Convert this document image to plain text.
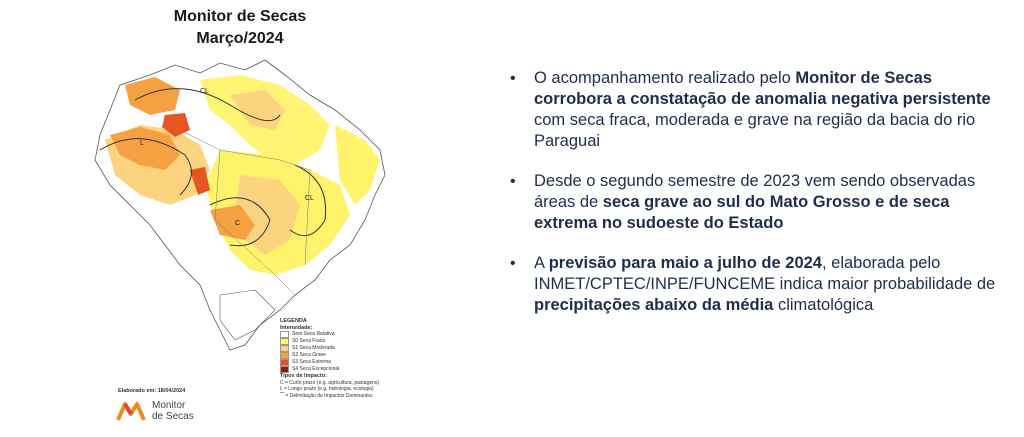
Monitor de Secas
Março/2024
L
CL
CL
C
LEGENDA
Intensidade:
Sem Seca Relativa
S0 Seca Fraca
S1 Seca Moderada
S2 Seca Grave
S3 Seca Extrema
S4 Seca Excepcional
Tipos de Impacto:
C = Curto prazo (e.g. agricultura, pastagens)
L = Longo prazo (e.g. hidrologia, ecologia)
⁀ = Delimitação de Impactos Dominantes
Elaborado em: 18/04/2024
Monitor
de Secas
• O acompanhamento realizado pelo Monitor de Secas corrobora a constatação de anomalia negativa persistente com seca fraca, moderada e grave na região da bacia do rio Paraguai
• Desde o segundo semestre de 2023 vem sendo observadas áreas de seca grave ao sul do Mato Grosso e de seca extrema no sudoeste do Estado
• A previsão para maio a julho de 2024, elaborada pelo INMET/CPTEC/INPE/FUNCEME indica maior probabilidade de precipitações abaixo da média climatológica
